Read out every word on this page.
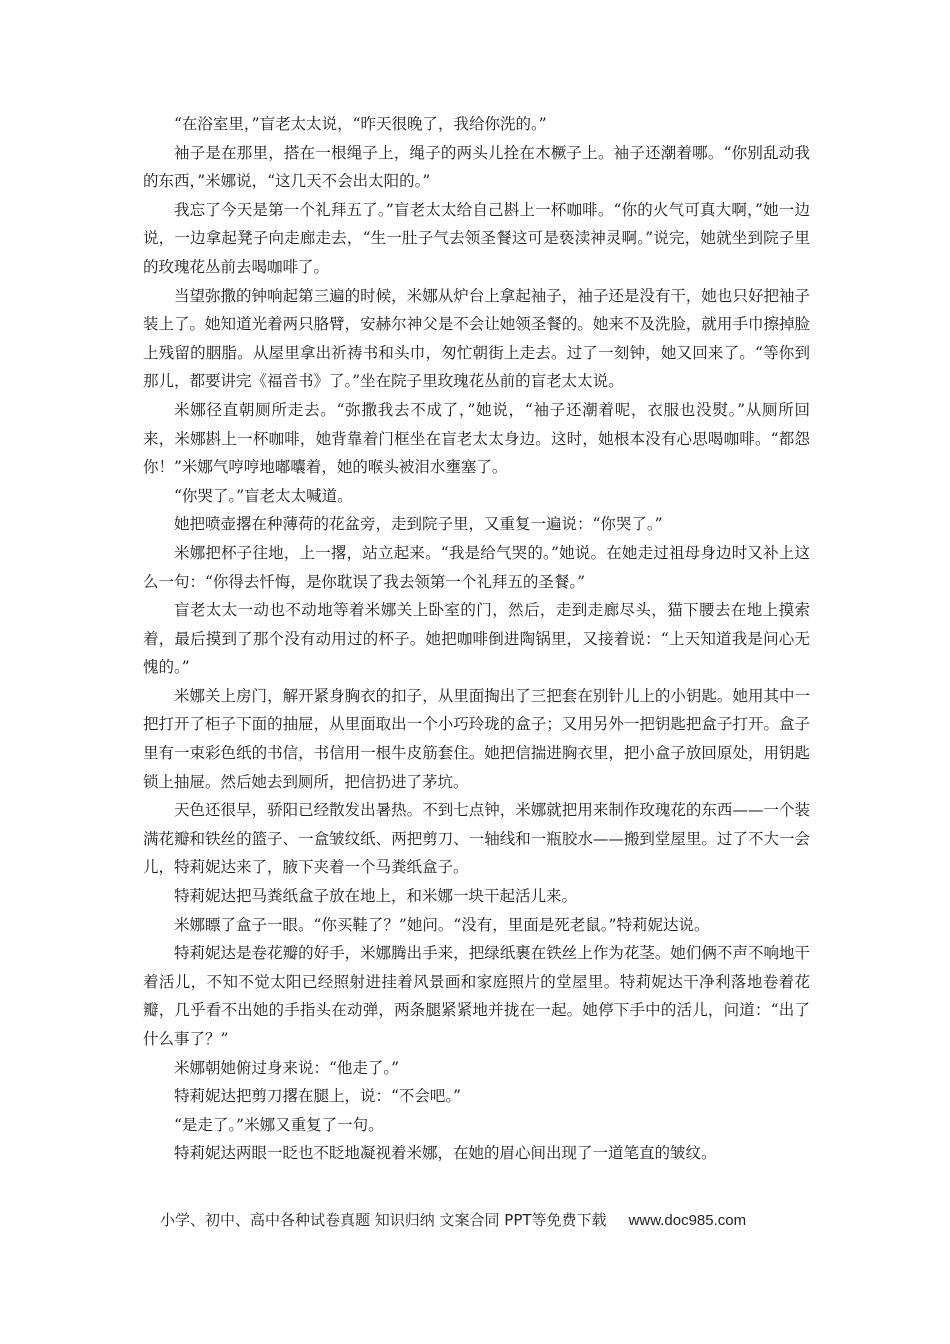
“在浴室里，”盲老太太说，“昨天很晚了，我给你洗的。”

袖子是在那里，搭在一根绳子上，绳子的两头儿拴在木橛子上。袖子还潮着哪。“你别乱动我的东西，”米娜说，“这几天不会出太阳的。”

我忘了今天是第一个礼拜五了。”盲老太太给自己斟上一杯咖啡。“你的火气可真大啊，”她一边说，一边拿起凳子向走廊走去，“生一肚子气去领圣餐这可是亵渎神灵啊。”说完，她就坐到院子里的玫瑰花丛前去喝咖啡了。

当望弥撒的钟响起第三遍的时候，米娜从炉台上拿起袖子，袖子还是没有干，她也只好把袖子装上了。她知道光着两只胳臂，安赫尔神父是不会让她领圣餐的。她来不及洗脸，就用手巾擦掉脸上残留的胭脂。从屋里拿出祈祷书和头巾，匆忙朝街上走去。过了一刻钟，她又回来了。“等你到那儿，都要讲完《福音书》了。”坐在院子里玫瑰花丛前的盲老太太说。

米娜径直朝厕所走去。“弥撒我去不成了，”她说，“袖子还潮着呢，衣服也没熨。”从厕所回来，米娜斟上一杯咖啡，她背靠着门框坐在盲老太太身边。这时，她根本没有心思喝咖啡。“都怨你！”米娜气哼哼地嘟囔着，她的喉头被泪水壅塞了。

“你哭了。”盲老太太喊道。

她把喷壶撂在种薄荷的花盆旁，走到院子里，又重复一遍说：“你哭了。”

米娜把杯子往地，上一撂，站立起来。“我是给气哭的。”她说。在她走过祖母身边时又补上这么一句：“你得去忏悔，是你耽误了我去领第一个礼拜五的圣餐。”

盲老太太一动也不动地等着米娜关上卧室的门，然后，走到走廊尽头，猫下腰去在地上摸索着，最后摸到了那个没有动用过的杯子。她把咖啡倒进陶锅里，又接着说：“上天知道我是问心无愧的。”

米娜关上房门，解开紧身胸衣的扣子，从里面掏出了三把套在别针儿上的小钥匙。她用其中一把打开了柜子下面的抽屉，从里面取出一个小巧玲珑的盒子；又用另外一把钥匙把盒子打开。盒子里有一束彩色纸的书信，书信用一根牛皮筋套住。她把信揣进胸衣里，把小盒子放回原处，用钥匙锁上抽屉。然后她去到厕所，把信扔进了茅坑。

天色还很早，骄阳已经散发出暑热。不到七点钟，米娜就把用来制作玫瑰花的东西——一个装满花瓣和铁丝的篮子、一盒皱纹纸、两把剪刀、一轴线和一瓶胶水——搬到堂屋里。过了不大一会儿，特莉妮达来了，腋下夹着一个马粪纸盒子。

特莉妮达把马粪纸盒子放在地上，和米娜一块干起活儿来。

米娜瞟了盒子一眼。“你买鞋了？”她问。“没有，里面是死老鼠。”特莉妮达说。

特莉妮达是卷花瓣的好手，米娜腾出手来，把绿纸裹在铁丝上作为花茎。她们俩不声不响地干着活儿，不知不觉太阳已经照射进挂着风景画和家庭照片的堂屋里。特莉妮达干净利落地卷着花瓣，几乎看不出她的手指头在动弹，两条腿紧紧地并拢在一起。她停下手中的活儿，问道：“出了什么事了？”

米娜朝她俯过身来说：“他走了。”

特莉妮达把剪刀撂在腿上，说：“不会吧。”

“是走了。”米娜又重复了一句。

特莉妮达两眼一眨也不眨地凝视着米娜，在她的眉心间出现了一道笔直的皱纹。

小学、初中、高中各种试卷真题 知识归纳 文案合同 PPT等免费下载 www.doc985.com
